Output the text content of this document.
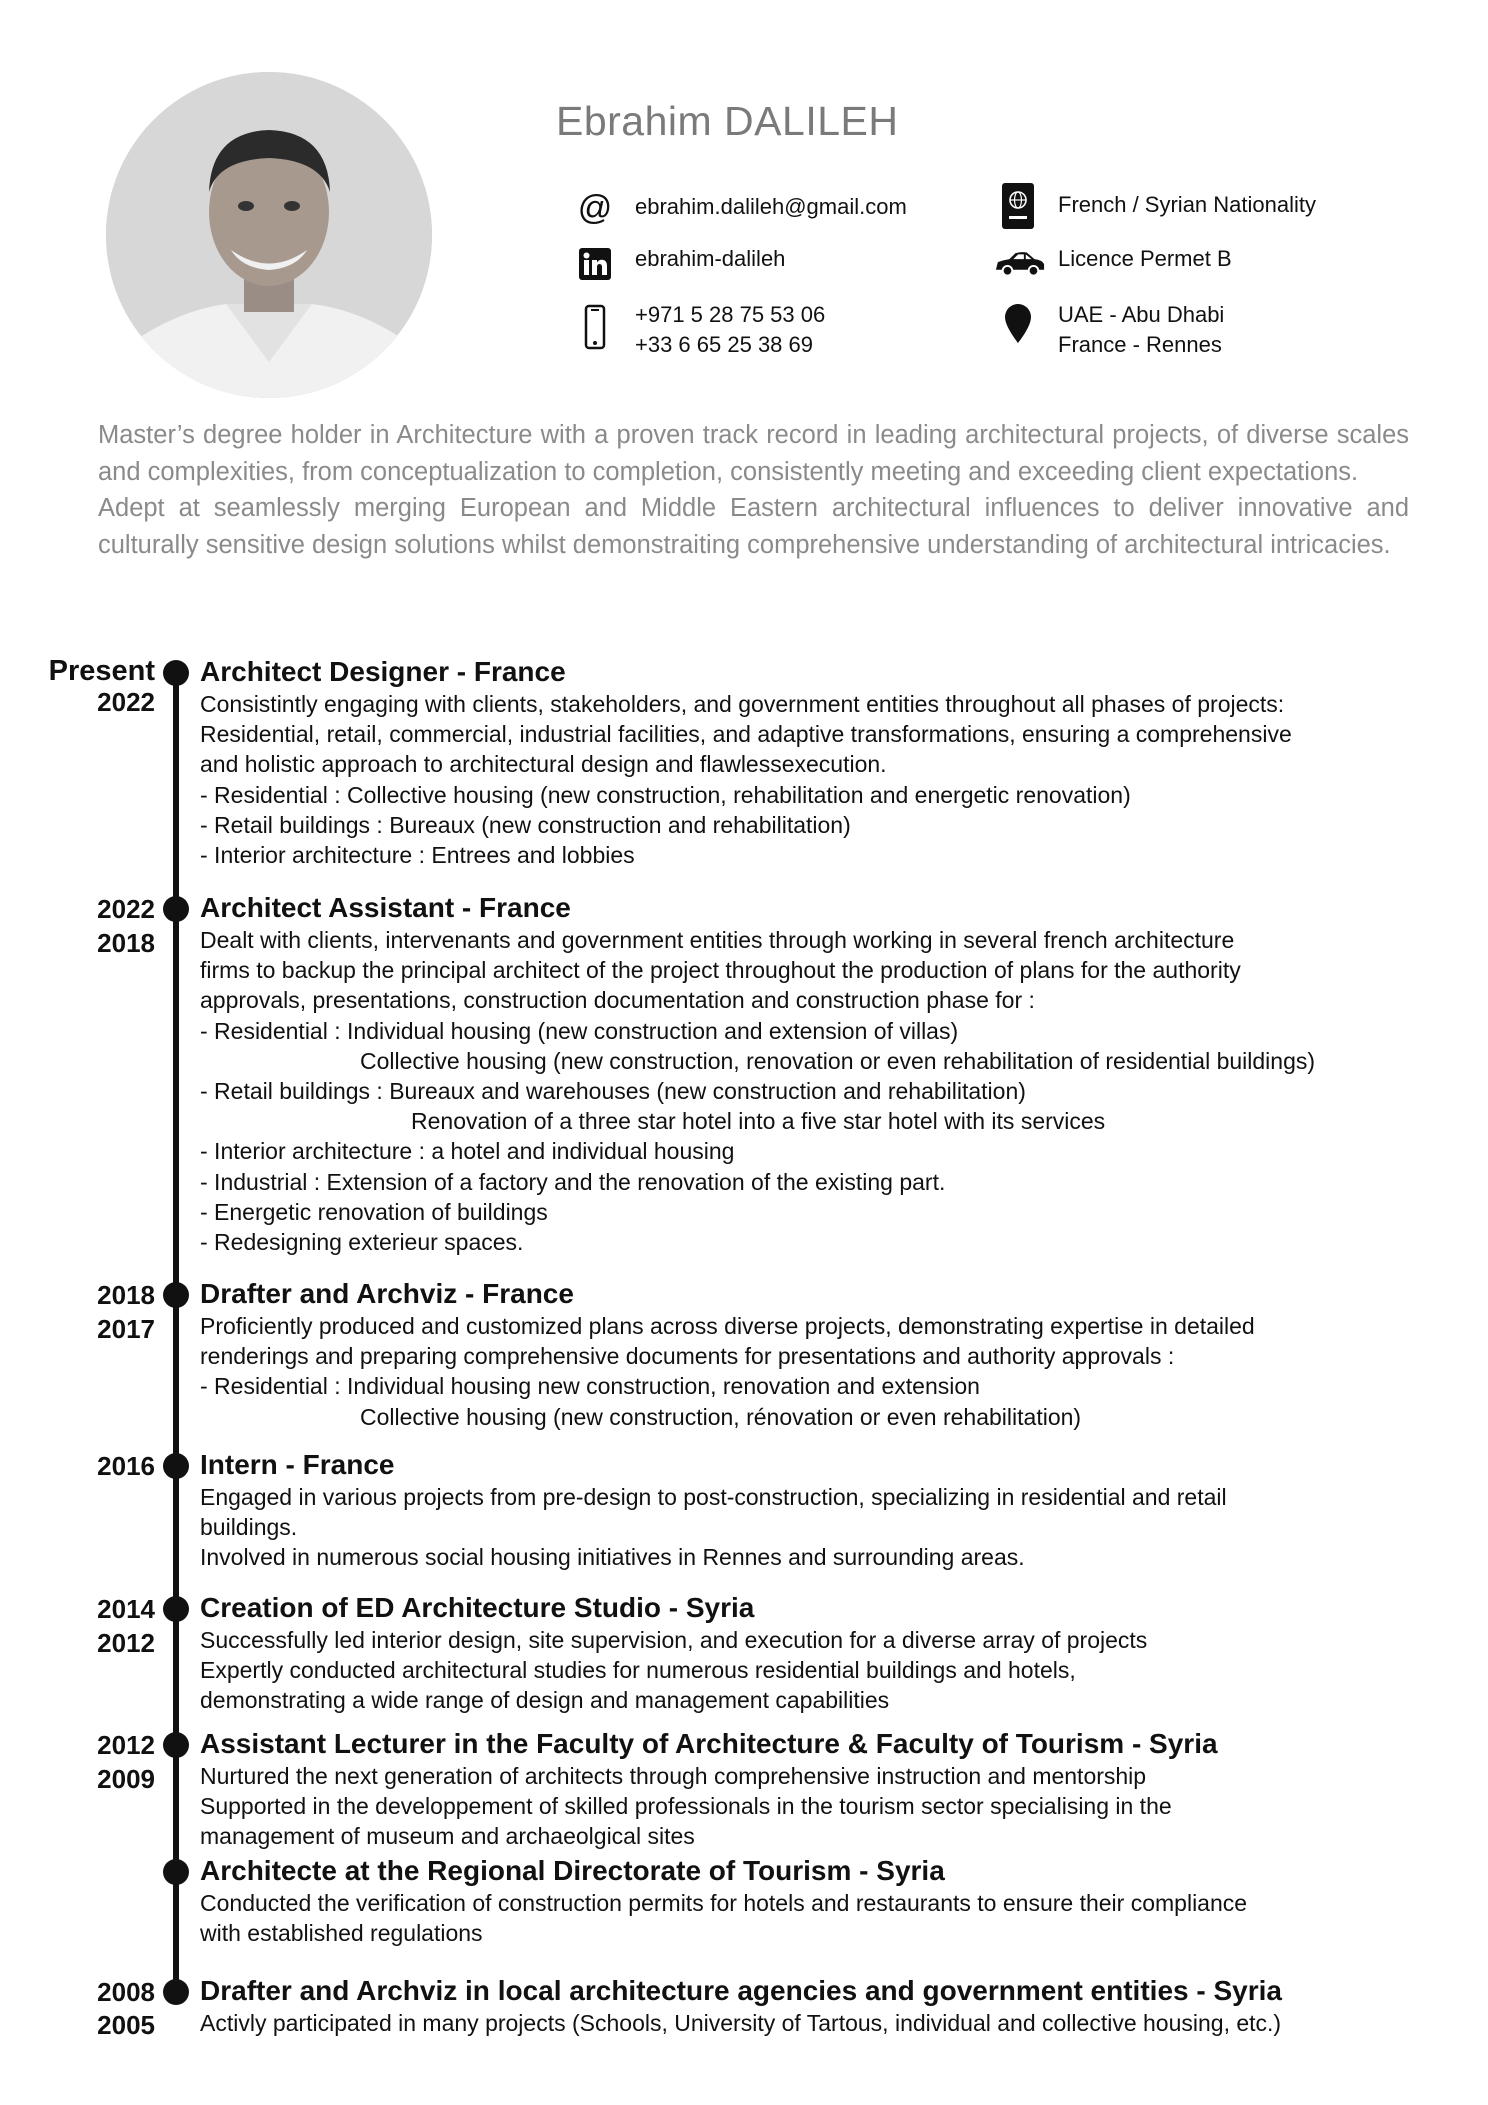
Ebrahim DALILEH
@ ebrahim.dalileh@gmail.com
ebrahim-dalileh
+971 5 28 75 53 06
+33 6 65 25 38 69
French / Syrian Nationality
Licence Permet B
UAE - Abu Dhabi
France - Rennes

Master’s degree holder in Architecture with a proven track record in leading architectural projects, of diverse scales and complexities, from conceptualization to completion, consistently meeting and exceeding client expectations.

Adept at seamlessly merging European and Middle Eastern architectural influences to deliver innovative and culturally sensitive design solutions whilst demonstraiting comprehensive understanding of architectural intricacies.

Present
2022
Architect Designer - France
Consistintly engaging with clients, stakeholders, and government entities throughout all phases of projects:
Residential, retail, commercial, industrial facilities, and adaptive transformations, ensuring a comprehensive
and holistic approach to architectural design and flawlessexecution.
- Residential : Collective housing (new construction, rehabilitation and energetic renovation)
- Retail buildings : Bureaux (new construction and rehabilitation)
- Interior architecture : Entrees and lobbies
2022
2018
Architect Assistant - France
Dealt with clients, intervenants and government entities through working in several french architecture
firms to backup the principal architect of the project throughout the production of plans for the authority
approvals, presentations, construction documentation and construction phase for :
- Residential : Individual housing (new construction and extension of villas)
Collective housing (new construction, renovation or even rehabilitation of residential buildings)
- Retail buildings : Bureaux and warehouses (new construction and rehabilitation)
Renovation of a three star hotel into a five star hotel with its services
- Interior architecture : a hotel and individual housing
- Industrial : Extension of a factory and the renovation of the existing part.
- Energetic renovation of buildings
- Redesigning exterieur spaces.
2018
2017
Drafter and Archviz - France
Proficiently produced and customized plans across diverse projects, demonstrating expertise in detailed
renderings and preparing comprehensive documents for presentations and authority approvals :
- Residential : Individual housing new construction, renovation and extension
Collective housing (new construction, rénovation or even rehabilitation)
2016 Intern - France
Engaged in various projects from pre-design to post-construction, specializing in residential and retail
buildings.
Involved in numerous social housing initiatives in Rennes and surrounding areas.
2014
2012
Creation of ED Architecture Studio - Syria
Successfully led interior design, site supervision, and execution for a diverse array of projects
Expertly conducted architectural studies for numerous residential buildings and hotels,
demonstrating a wide range of design and management capabilities
2012
2009
Assistant Lecturer in the Faculty of Architecture & Faculty of Tourism - Syria
Nurtured the next generation of architects through comprehensive instruction and mentorship
Supported in the developpement of skilled professionals in the tourism sector specialising in the
management of museum and archaeolgical sites
Architecte at the Regional Directorate of Tourism - Syria
Conducted the verification of construction permits for hotels and restaurants to ensure their compliance
with established regulations
2008
2005
Drafter and Archviz in local architecture agencies and government entities - Syria
Activly participated in many projects (Schools, University of Tartous, individual and collective housing, etc.)
